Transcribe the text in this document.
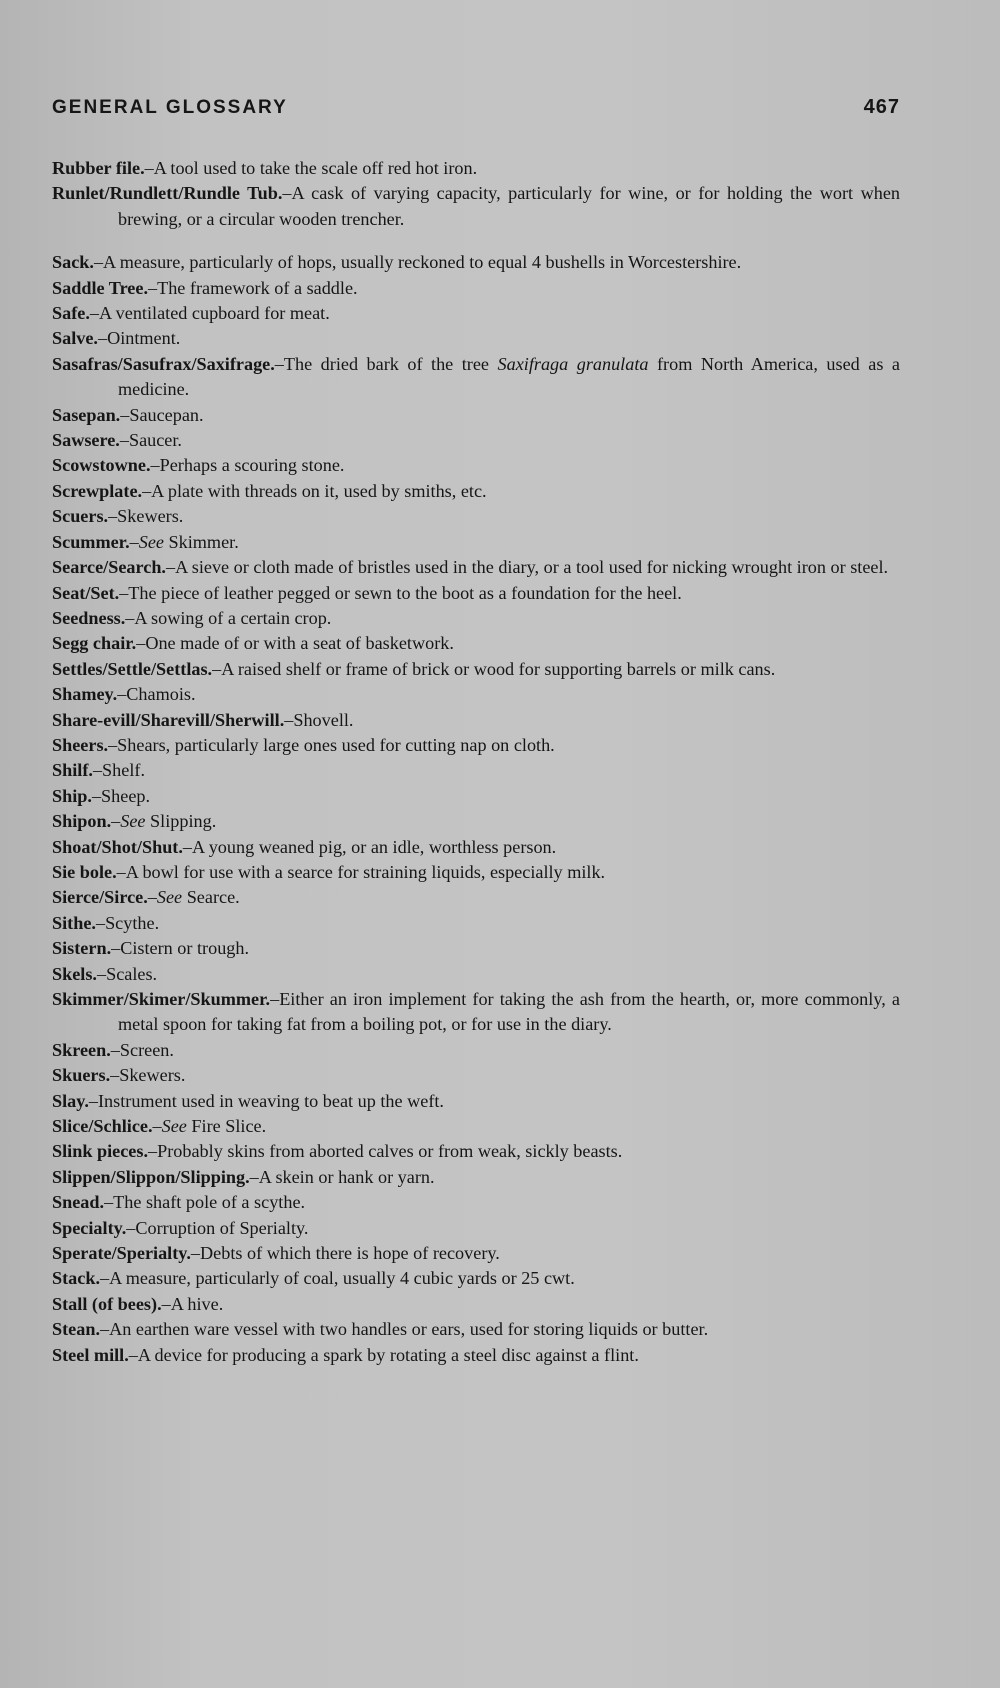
GENERAL GLOSSARY	467

Rubber file.–A tool used to take the scale off red hot iron.

Runlet/Rundlett/Rundle Tub.–A cask of varying capacity, particularly for wine, or for holding the wort when brewing, or a circular wooden trencher.

Sack.–A measure, particularly of hops, usually reckoned to equal 4 bushells in Worcestershire.

Saddle Tree.–The framework of a saddle.

Safe.–A ventilated cupboard for meat.

Salve.–Ointment.

Sasafras/Sasufrax/Saxifrage.–The dried bark of the tree Saxifraga granulata from North America, used as a medicine.

Sasepan.–Saucepan.

Sawsere.–Saucer.

Scowstowne.–Perhaps a scouring stone.

Screwplate.–A plate with threads on it, used by smiths, etc.

Scuers.–Skewers.

Scummer.–See Skimmer.

Searce/Search.–A sieve or cloth made of bristles used in the diary, or a tool used for nicking wrought iron or steel.

Seat/Set.–The piece of leather pegged or sewn to the boot as a foundation for the heel.

Seedness.–A sowing of a certain crop.

Segg chair.–One made of or with a seat of basketwork.

Settles/Settle/Settlas.–A raised shelf or frame of brick or wood for supporting barrels or milk cans.

Shamey.–Chamois.

Share-evill/Sharevill/Sherwill.–Shovell.

Sheers.–Shears, particularly large ones used for cutting nap on cloth.

Shilf.–Shelf.

Ship.–Sheep.

Shipon.–See Slipping.

Shoat/Shot/Shut.–A young weaned pig, or an idle, worthless person.

Sie bole.–A bowl for use with a searce for straining liquids, especially milk.

Sierce/Sirce.–See Searce.

Sithe.–Scythe.

Sistern.–Cistern or trough.

Skels.–Scales.

Skimmer/Skimer/Skummer.–Either an iron implement for taking the ash from the hearth, or, more commonly, a metal spoon for taking fat from a boiling pot, or for use in the diary.

Skreen.–Screen.

Skuers.–Skewers.

Slay.–Instrument used in weaving to beat up the weft.

Slice/Schlice.–See Fire Slice.

Slink pieces.–Probably skins from aborted calves or from weak, sickly beasts.

Slippen/Slippon/Slipping.–A skein or hank or yarn.

Snead.–The shaft pole of a scythe.

Specialty.–Corruption of Sperialty.

Sperate/Sperialty.–Debts of which there is hope of recovery.

Stack.–A measure, particularly of coal, usually 4 cubic yards or 25 cwt.

Stall (of bees).–A hive.

Stean.–An earthen ware vessel with two handles or ears, used for storing liquids or butter.

Steel mill.–A device for producing a spark by rotating a steel disc against a flint.
